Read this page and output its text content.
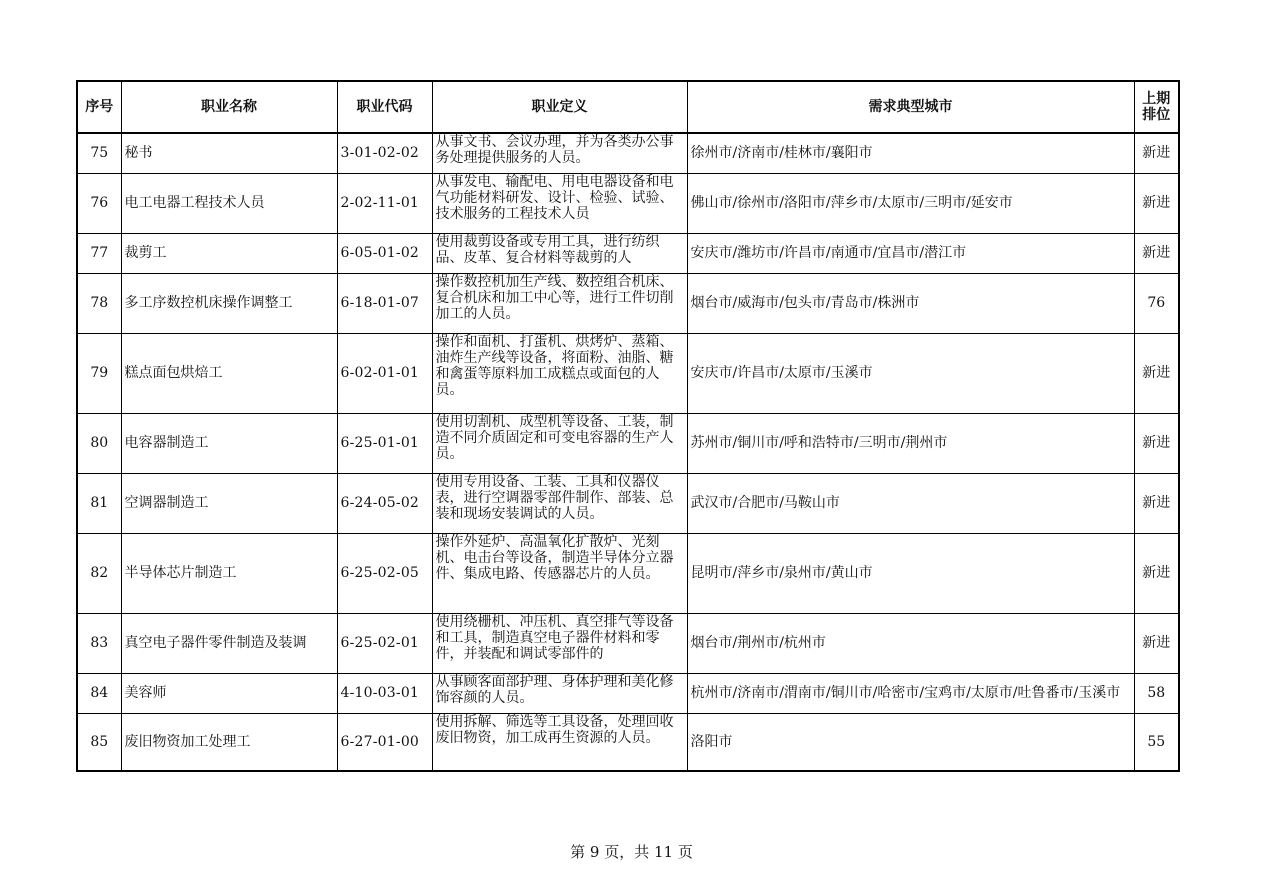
序号	职业名称	职业代码	职业定义	需求典型城市	上期排位
75	秘书	3-01-02-02	从事文书、会议办理，并为各类办公事务处理提供服务的人员。	徐州市/济南市/桂林市/襄阳市	新进
76	电工电器工程技术人员	2-02-11-01	从事发电、输配电、用电电器设备和电气功能材料研发、设计、检验、试验、技术服务的工程技术人员	佛山市/徐州市/洛阳市/萍乡市/太原市/三明市/延安市	新进
77	裁剪工	6-05-01-02	使用裁剪设备或专用工具，进行纺织品、皮革、复合材料等裁剪的人	安庆市/潍坊市/许昌市/南通市/宜昌市/潜江市	新进
78	多工序数控机床操作调整工	6-18-01-07	操作数控机加生产线、数控组合机床、复合机床和加工中心等，进行工件切削加工的人员。	烟台市/威海市/包头市/青岛市/株洲市	76
79	糕点面包烘焙工	6-02-01-01	操作和面机、打蛋机、烘烤炉、蒸箱、油炸生产线等设备，将面粉、油脂、糖和禽蛋等原料加工成糕点或面包的人员。	安庆市/许昌市/太原市/玉溪市	新进
80	电容器制造工	6-25-01-01	使用切割机、成型机等设备、工装，制造不同介质固定和可变电容器的生产人员。	苏州市/铜川市/呼和浩特市/三明市/荆州市	新进
81	空调器制造工	6-24-05-02	使用专用设备、工装、工具和仪器仪表，进行空调器零部件制作、部装、总装和现场安装调试的人员。	武汉市/合肥市/马鞍山市	新进
82	半导体芯片制造工	6-25-02-05	操作外延炉、高温氧化扩散炉、光刻机、电击台等设备，制造半导体分立器件、集成电路、传感器芯片的人员。	昆明市/萍乡市/泉州市/黄山市	新进
83	真空电子器件零件制造及装调	6-25-02-01	使用绕栅机、冲压机、真空排气等设备和工具，制造真空电子器件材料和零件，并装配和调试零部件的	烟台市/荆州市/杭州市	新进
84	美容师	4-10-03-01	从事顾客面部护理、身体护理和美化修饰容颜的人员。	杭州市/济南市/渭南市/铜川市/哈密市/宝鸡市/太原市/吐鲁番市/玉溪市	58
85	废旧物资加工处理工	6-27-01-00	使用拆解、筛选等工具设备，处理回收废旧物资，加工成再生资源的人员。	洛阳市	55
第 9 页，共 11 页
